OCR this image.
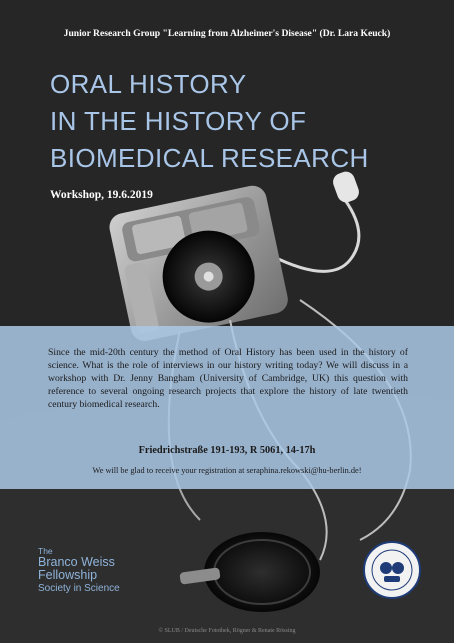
Junior Research Group "Learning from Alzheimer's Disease" (Dr. Lara Keuck)
ORAL HISTORY
IN THE HISTORY OF
BIOMEDICAL RESEARCH
Workshop, 19.6.2019
Since the mid-20th century the method of Oral History has been used in the history of science. What is the role of interviews in our history writing today? We will discuss in a workshop with Dr. Jenny Bangham (University of Cambridge, UK) this question with reference to several ongoing research projects that explore the history of late twentieth century biomedical research.
Friedrichstraße 191-193, R 5061, 14-17h
We will be glad to receive your registration at seraphina.rekowski@hu-berlin.de!
The
Branco Weiss
Fellowship
Society in Science
© SLUB / Deutsche Fotothek, Rögner & Renate Rössing
